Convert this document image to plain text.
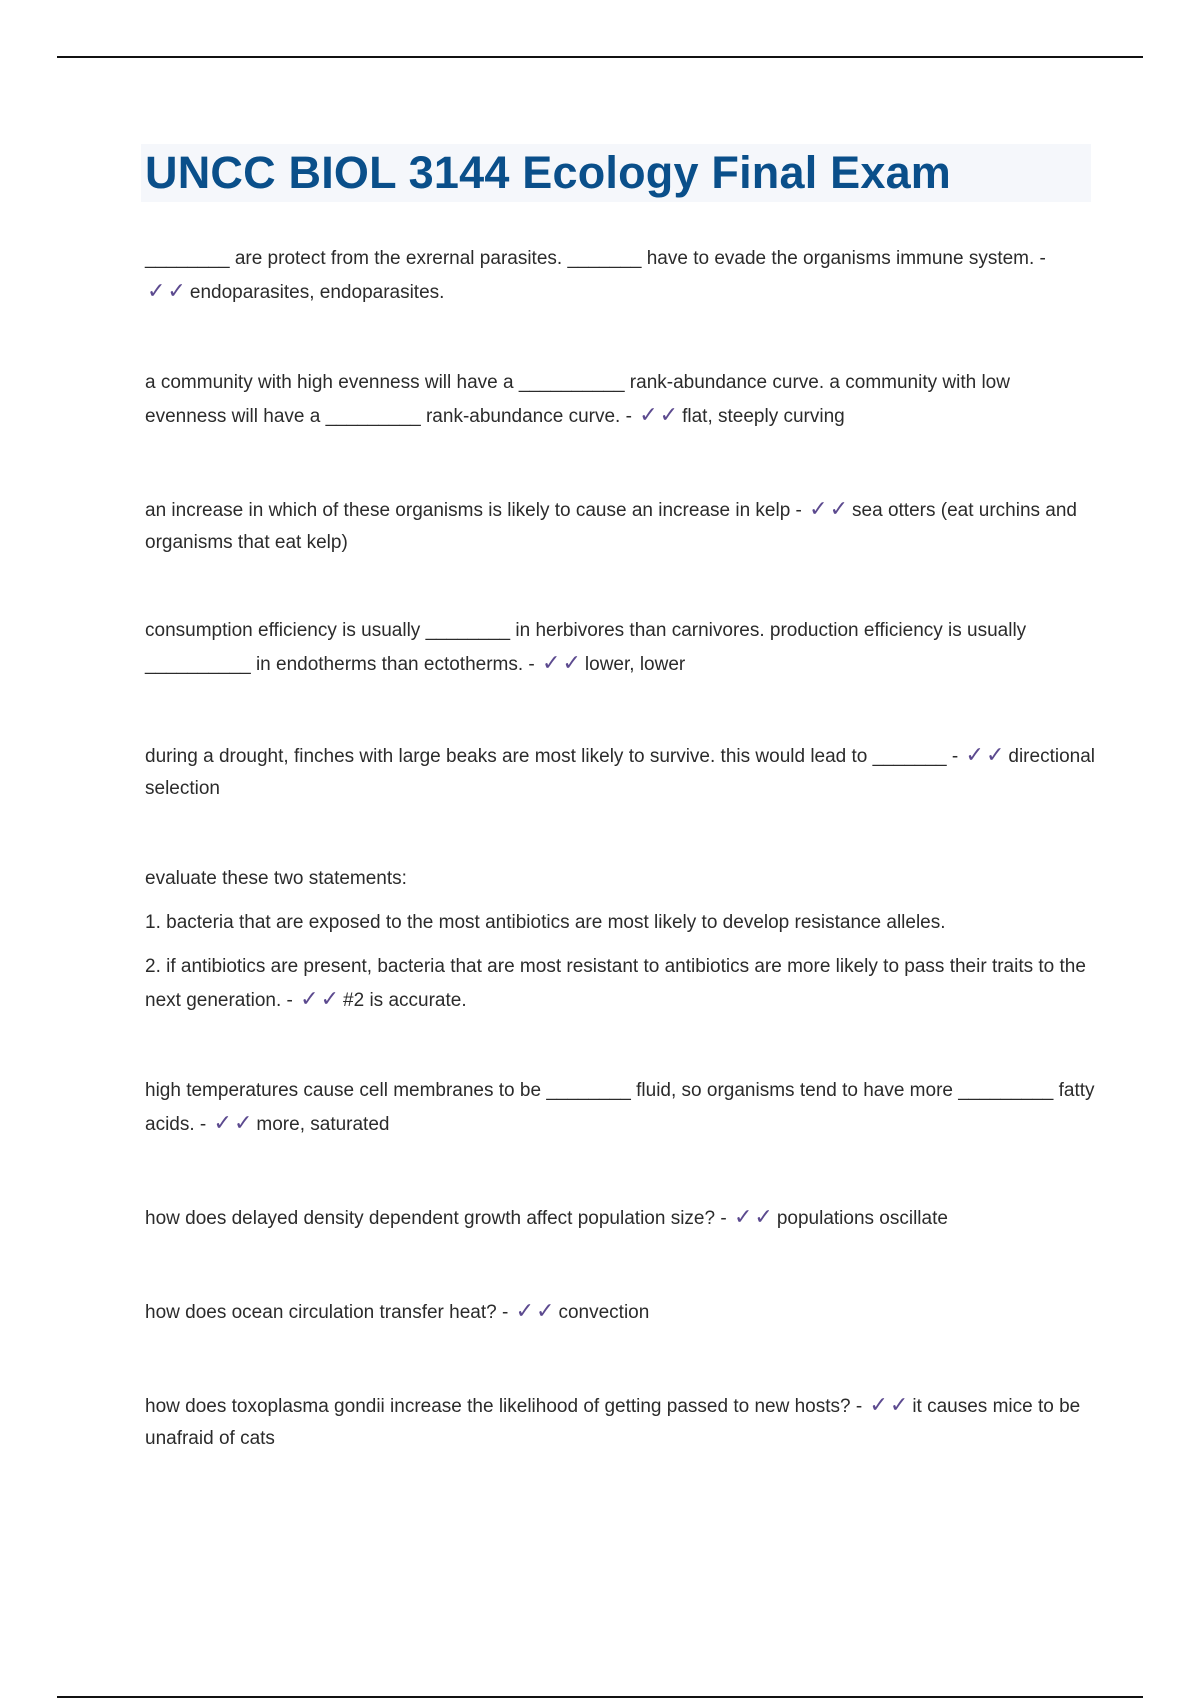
UNCC BIOL 3144 Ecology Final Exam

________ are protect from the exrernal parasites. _______ have to evade the organisms immune system. - ✓✓ endoparasites, endoparasites.

a community with high evenness will have a __________ rank-abundance curve. a community with low evenness will have a _________ rank-abundance curve. - ✓✓ flat, steeply curving

an increase in which of these organisms is likely to cause an increase in kelp - ✓✓ sea otters (eat urchins and organisms that eat kelp)

consumption efficiency is usually ________ in herbivores than carnivores. production efficiency is usually __________ in endotherms than ectotherms. - ✓✓ lower, lower

during a drought, finches with large beaks are most likely to survive. this would lead to _______ - ✓✓ directional selection

evaluate these two statements:

1. bacteria that are exposed to the most antibiotics are most likely to develop resistance alleles.

2. if antibiotics are present, bacteria that are most resistant to antibiotics are more likely to pass their traits to the next generation. - ✓✓ #2 is accurate.

high temperatures cause cell membranes to be ________ fluid, so organisms tend to have more _________ fatty acids. - ✓✓ more, saturated

how does delayed density dependent growth affect population size? - ✓✓ populations oscillate

how does ocean circulation transfer heat? - ✓✓ convection

how does toxoplasma gondii increase the likelihood of getting passed to new hosts? - ✓✓ it causes mice to be unafraid of cats
